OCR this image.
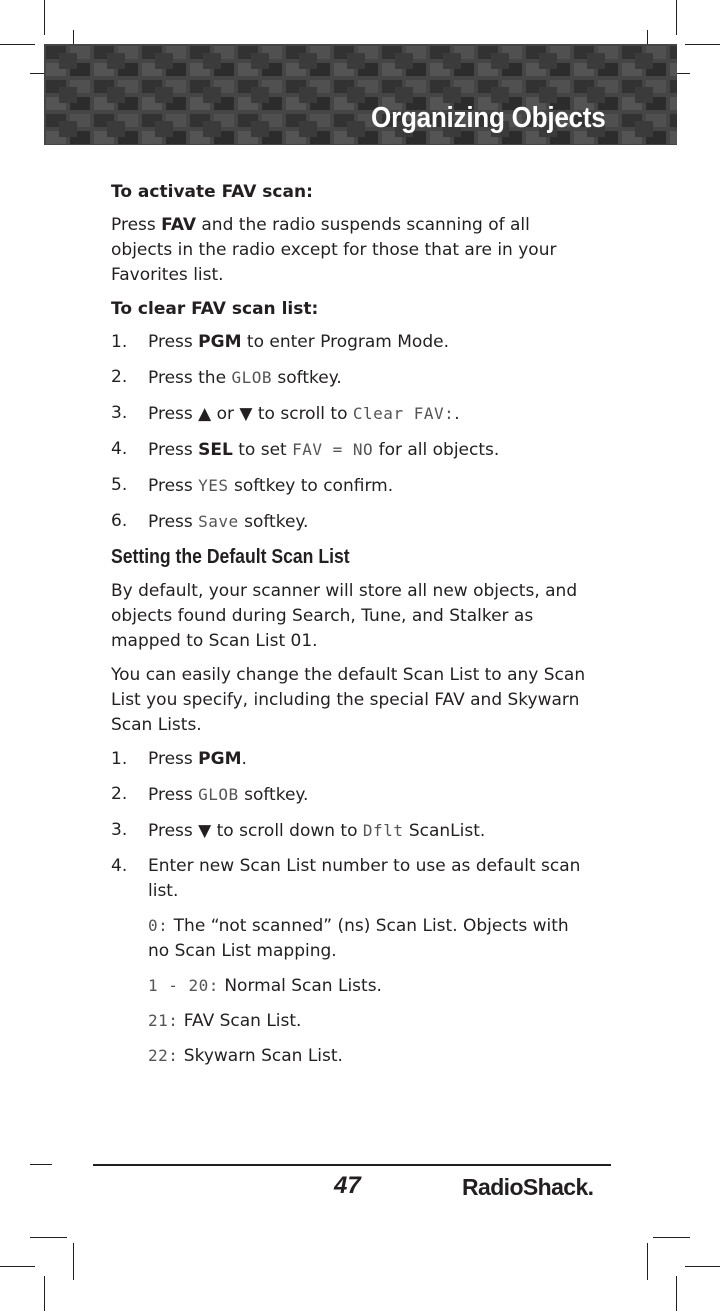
Organizing Objects

To activate FAV scan:

Press FAV and the radio suspends scanning of all objects in the radio except for those that are in your Favorites list.

To clear FAV scan list:

1. Press PGM to enter Program Mode.
2. Press the GLOB softkey.
3. Press ▲ or ▼ to scroll to Clear FAV:.
4. Press SEL to set FAV = NO for all objects.
5. Press YES softkey to confirm.
6. Press Save softkey.

Setting the Default Scan List

By default, your scanner will store all new objects, and objects found during Search, Tune, and Stalker as mapped to Scan List 01.

You can easily change the default Scan List to any Scan List you specify, including the special FAV and Skywarn Scan Lists.

1. Press PGM.
2. Press GLOB softkey.
3. Press ▼ to scroll down to Dflt ScanList.
4. Enter new Scan List number to use as default scan list.

0: The “not scanned” (ns) Scan List. Objects with no Scan List mapping.

1 - 20: Normal Scan Lists.

21: FAV Scan List.

22: Skywarn Scan List.

47	RadioShack.
